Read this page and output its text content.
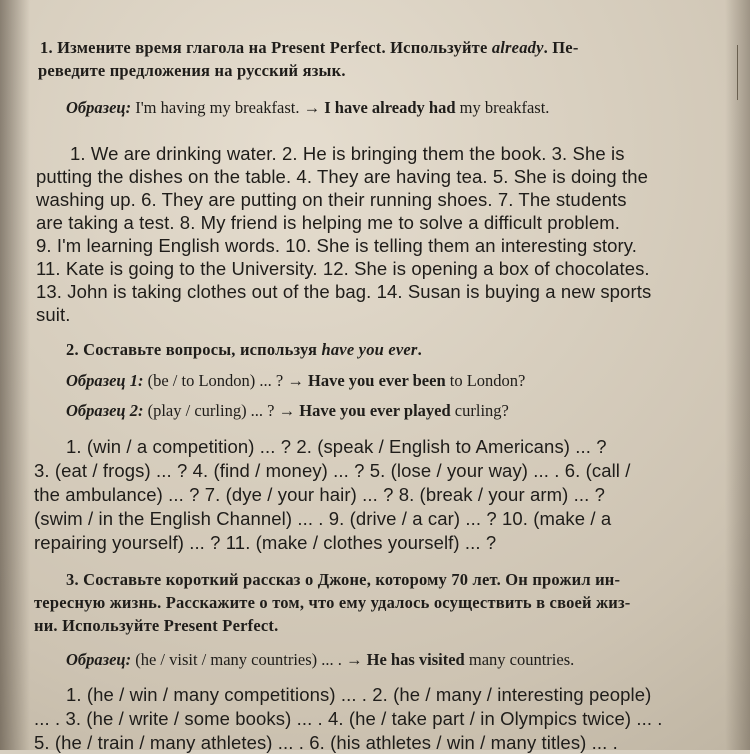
1. Измените время глагола на Present Perfect. Используйте already. Пе-
реведите предложения на русский язык.
Образец: I'm having my breakfast. → I have already had my breakfast.
1. We are drinking water. 2. He is bringing them the book. 3. She is
putting the dishes on the table. 4. They are having tea. 5. She is doing the
washing up. 6. They are putting on their running shoes. 7. The students
are taking a test. 8. My friend is helping me to solve a difficult problem.
9. I'm learning English words. 10. She is telling them an interesting story.
11. Kate is going to the University. 12. She is opening a box of chocolates.
13. John is taking clothes out of the bag. 14. Susan is buying a new sports
suit.
2. Составьте вопросы, используя have you ever.
Образец 1: (be / to London) ... ? → Have you ever been to London?
Образец 2: (play / curling) ... ? → Have you ever played curling?
1. (win / a competition) ... ? 2. (speak / English to Americans) ... ?
3. (eat / frogs) ... ? 4. (find / money) ... ? 5. (lose / your way) ... . 6. (call /
the ambulance) ... ? 7. (dye / your hair) ... ? 8. (break / your arm) ... ?
(swim / in the English Channel) ... . 9. (drive / a car) ... ? 10. (make / a
repairing yourself) ... ? 11. (make / clothes yourself) ... ?
3. Составьте короткий рассказ о Джоне, которому 70 лет. Он прожил ин-
тересную жизнь. Расскажите о том, что ему удалось осуществить в своей жиз-
ни. Используйте Present Perfect.
Образец: (he / visit / many countries) ... . → He has visited many countries.
1. (he / win / many competitions) ... . 2. (he / many / interesting people)
... . 3. (he / write / some books) ... . 4. (he / take part / in Olympics twice) ... .
5. (he / train / many athletes) ... . 6. (his athletes / win / many titles) ... .
